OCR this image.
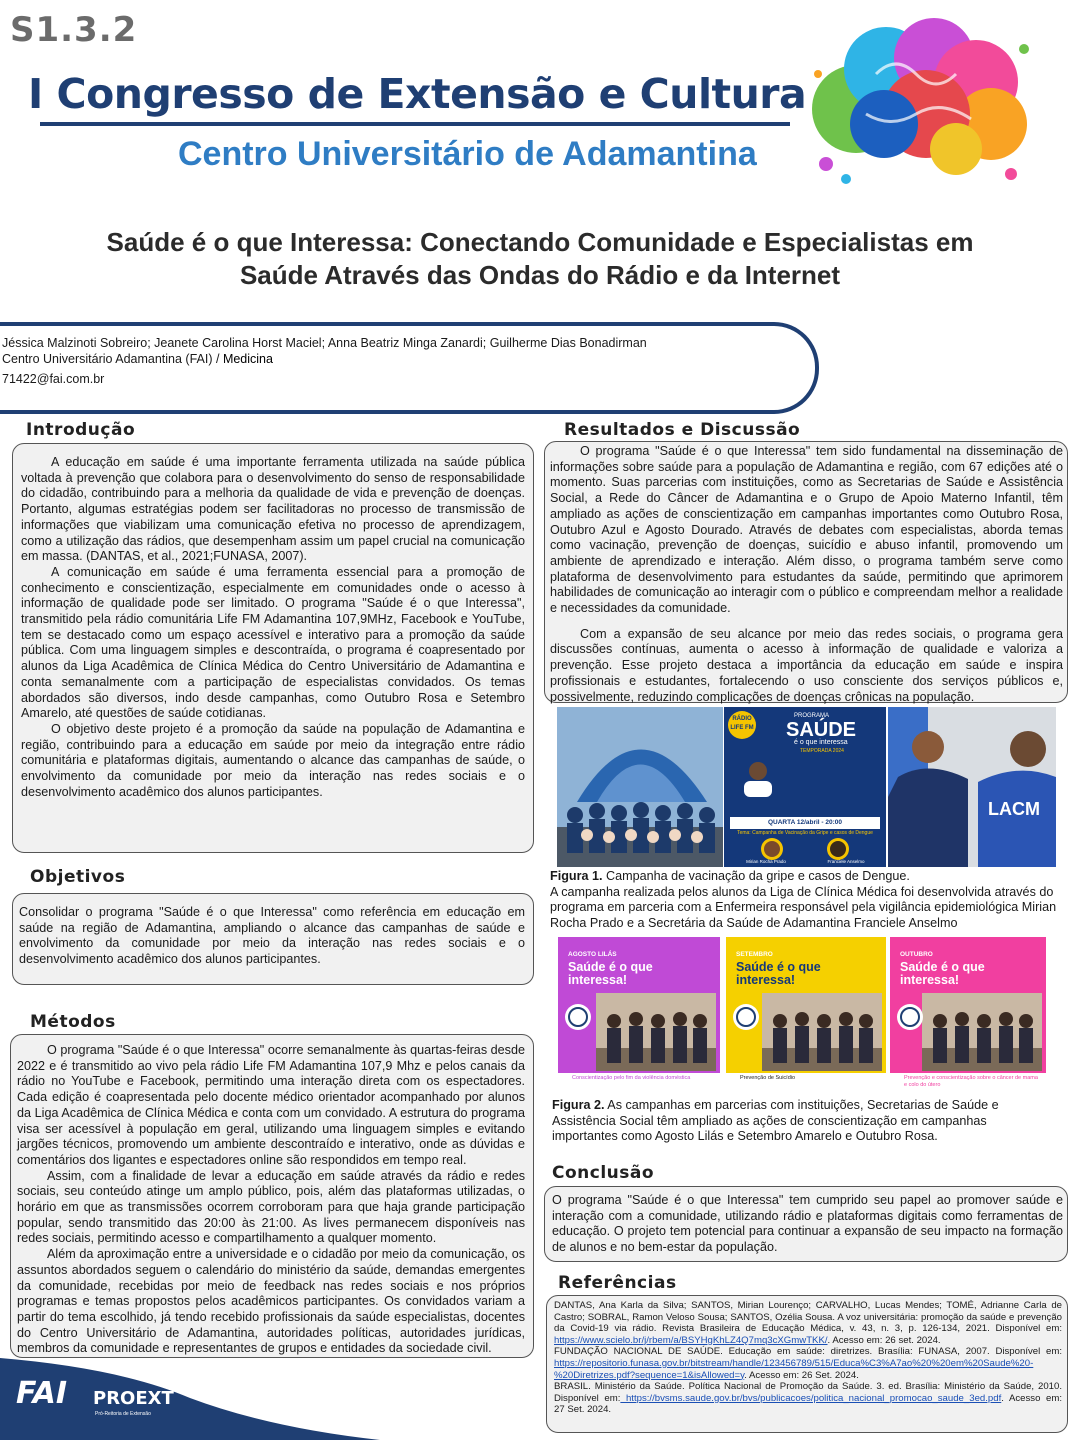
S1.3.2
I Congresso de Extensão e Cultura
Centro Universitário de Adamantina
Saúde é o que Interessa: Conectando Comunidade e Especialistas em
Saúde Através das Ondas do Rádio e da Internet
Jéssica Malzinoti Sobreiro; Jeanete Carolina Horst Maciel; Anna Beatriz Minga Zanardi; Guilherme Dias Bonadirman
Centro Universitário Adamantina (FAI) / Medicina
71422@fai.com.br
Introdução

A educação em saúde é uma importante ferramenta utilizada na saúde pública voltada à prevenção que colabora para o desenvolvimento do senso de responsabilidade do cidadão, contribuindo para a melhoria da qualidade de vida e prevenção de doenças. Portanto, algumas estratégias podem ser facilitadoras no processo de transmissão de informações que viabilizam uma comunicação efetiva no processo de aprendizagem, como a utilização das rádios, que desempenham assim um papel crucial na comunicação em massa. (DANTAS, et al., 2021;FUNASA, 2007).

A comunicação em saúde é uma ferramenta essencial para a promoção de conhecimento e conscientização, especialmente em comunidades onde o acesso à informação de qualidade pode ser limitado. O programa "Saúde é o que Interessa", transmitido pela rádio comunitária Life FM Adamantina 107,9MHz, Facebook e YouTube, tem se destacado como um espaço acessível e interativo para a promoção da saúde pública. Com uma linguagem simples e descontraída, o programa é coapresentado por alunos da Liga Acadêmica de Clínica Médica do Centro Universitário de Adamantina e conta semanalmente com a participação de especialistas convidados. Os temas abordados são diversos, indo desde campanhas, como Outubro Rosa e Setembro Amarelo, até questões de saúde cotidianas.

O objetivo deste projeto é a promoção da saúde na população de Adamantina e região, contribuindo para a educação em saúde por meio da integração entre rádio comunitária e plataformas digitais, aumentando o alcance das campanhas de saúde, o envolvimento da comunidade por meio da interação nas redes sociais e o desenvolvimento acadêmico dos alunos participantes.

Objetivos

Consolidar o programa "Saúde é o que Interessa" como referência em educação em saúde na região de Adamantina, ampliando o alcance das campanhas de saúde e envolvimento da comunidade por meio da interação nas redes sociais e o desenvolvimento acadêmico dos alunos participantes.

Métodos

O programa "Saúde é o que Interessa" ocorre semanalmente às quartas-feiras desde 2022 e é transmitido ao vivo pela rádio Life FM Adamantina 107,9 Mhz e pelos canais da rádio no YouTube e Facebook, permitindo uma interação direta com os espectadores. Cada edição é coapresentada pelo docente médico orientador acompanhado por alunos da Liga Acadêmica de Clínica Médica e conta com um convidado. A estrutura do programa visa ser acessível à população em geral, utilizando uma linguagem simples e evitando jargões técnicos, promovendo um ambiente descontraído e interativo, onde as dúvidas e comentários dos ligantes e espectadores online são respondidos em tempo real.

Assim, com a finalidade de levar a educação em saúde através da rádio e redes sociais, seu conteúdo atinge um amplo público, pois, além das plataformas utilizadas, o horário em que as transmissões ocorrem corroboram para que haja grande participação popular, sendo transmitido das 20:00 às 21:00. As lives permanecem disponíveis nas redes sociais, permitindo acesso e compartilhamento a qualquer momento.

Além da aproximação entre a universidade e o cidadão por meio da comunicação, os assuntos abordados seguem o calendário do ministério da saúde, demandas emergentes da comunidade, recebidas por meio de feedback nas redes sociais e nos próprios programas e temas propostos pelos acadêmicos participantes. Os convidados variam a partir do tema escolhido, já tendo recebido profissionais da saúde especialistas, docentes do Centro Universitário de Adamantina, autoridades políticas, autoridades jurídicas, membros da comunidade e representantes de grupos e entidades da sociedade civil.

Resultados e Discussão

O programa "Saúde é o que Interessa" tem sido fundamental na disseminação de informações sobre saúde para a população de Adamantina e região, com 67 edições até o momento. Suas parcerias com instituições, como as Secretarias de Saúde e Assistência Social, a Rede do Câncer de Adamantina e o Grupo de Apoio Materno Infantil, têm ampliado as ações de conscientização em campanhas importantes como Outubro Rosa, Outubro Azul e Agosto Dourado. Através de debates com especialistas, aborda temas como vacinação, prevenção de doenças, suicídio e abuso infantil, promovendo um ambiente de aprendizado e interação. Além disso, o programa também serve como plataforma de desenvolvimento para estudantes da saúde, permitindo que aprimorem habilidades de comunicação ao interagir com o público e compreendam melhor a realidade e necessidades da comunidade.

Com a expansão de seu alcance por meio das redes sociais, o programa gera discussões contínuas, aumenta o acesso à informação de qualidade e valoriza a prevenção. Esse projeto destaca a importância da educação em saúde e inspira profissionais e estudantes, fortalecendo o uso consciente dos serviços públicos e, possivelmente, reduzindo complicações de doenças crônicas na população.

RÁDIO LIFE FM
PROGRAMA
SAÚDE
é o que interessa
TEMPORADA 2024
QUARTA 12/abril - 20:00
Tema: Campanha de Vacinação da Gripe e casos de Dengue
Mirian Rocha Prado	Franciele Anselmo
LACM
Figura 1. Campanha de vacinação da gripe e casos de Dengue.
A campanha realizada pelos alunos da Liga de Clínica Médica foi desenvolvida através do programa em parceria com a Enfermeira responsável pela vigilância epidemiológica Mirian Rocha Prado e a Secretária da Saúde de Adamantina Franciele Anselmo
AGOSTO LILÁS
Saúde é o que interessa!
Conscientização pelo fim da violência doméstica
SETEMBRO
Saúde é o que interessa!
Prevenção de Suicídio
OUTUBRO
Saúde é o que interessa!
Prevenção e conscientização sobre o câncer de mama e colo do útero
Figura 2. As campanhas em parcerias com instituições, Secretarias de Saúde e Assistência Social têm ampliado as ações de conscientização em campanhas importantes como Agosto Lilás e Setembro Amarelo e Outubro Rosa.
Conclusão

O programa "Saúde é o que Interessa" tem cumprido seu papel ao promover saúde e interação com a comunidade, utilizando rádio e plataformas digitais como ferramentas de educação. O projeto tem potencial para continuar a expansão de seu impacto na formação de alunos e no bem-estar da população.

Referências

DANTAS, Ana Karla da Silva; SANTOS, Mirian Lourenço; CARVALHO, Lucas Mendes; TOMÉ, Adrianne Carla de Castro; SOBRAL, Ramon Veloso Sousa; SANTOS, Ozélia Sousa. A voz universitária: promoção da saúde e prevenção da Covid-19 via rádio. Revista Brasileira de Educação Médica, v. 43, n. 3, p. 126-134, 2021. Disponível em: https://www.scielo.br/j/rbem/a/BSYHgKhLZ4Q7mq3cXGmwTKK/. Acesso em: 26 set. 2024.

FUNDAÇÃO NACIONAL DE SAÚDE. Educação em saúde: diretrizes. Brasília: FUNASA, 2007. Disponível em: https://repositorio.funasa.gov.br/bitstream/handle/123456789/515/Educa%C3%A7ao%20%20em%20Saude%20-%20Diretrizes.pdf?sequence=1&isAllowed=y. Acesso em: 26 Set. 2024.

BRASIL. Ministério da Saúde. Política Nacional de Promoção da Saúde. 3. ed. Brasília: Ministério da Saúde, 2010. Disponível em: https://bvsms.saude.gov.br/bvs/publicacoes/politica_nacional_promocao_saude_3ed.pdf. Acesso em: 27 Set. 2024.

FAI PROEXT
Pró-Reitoria de Extensão
